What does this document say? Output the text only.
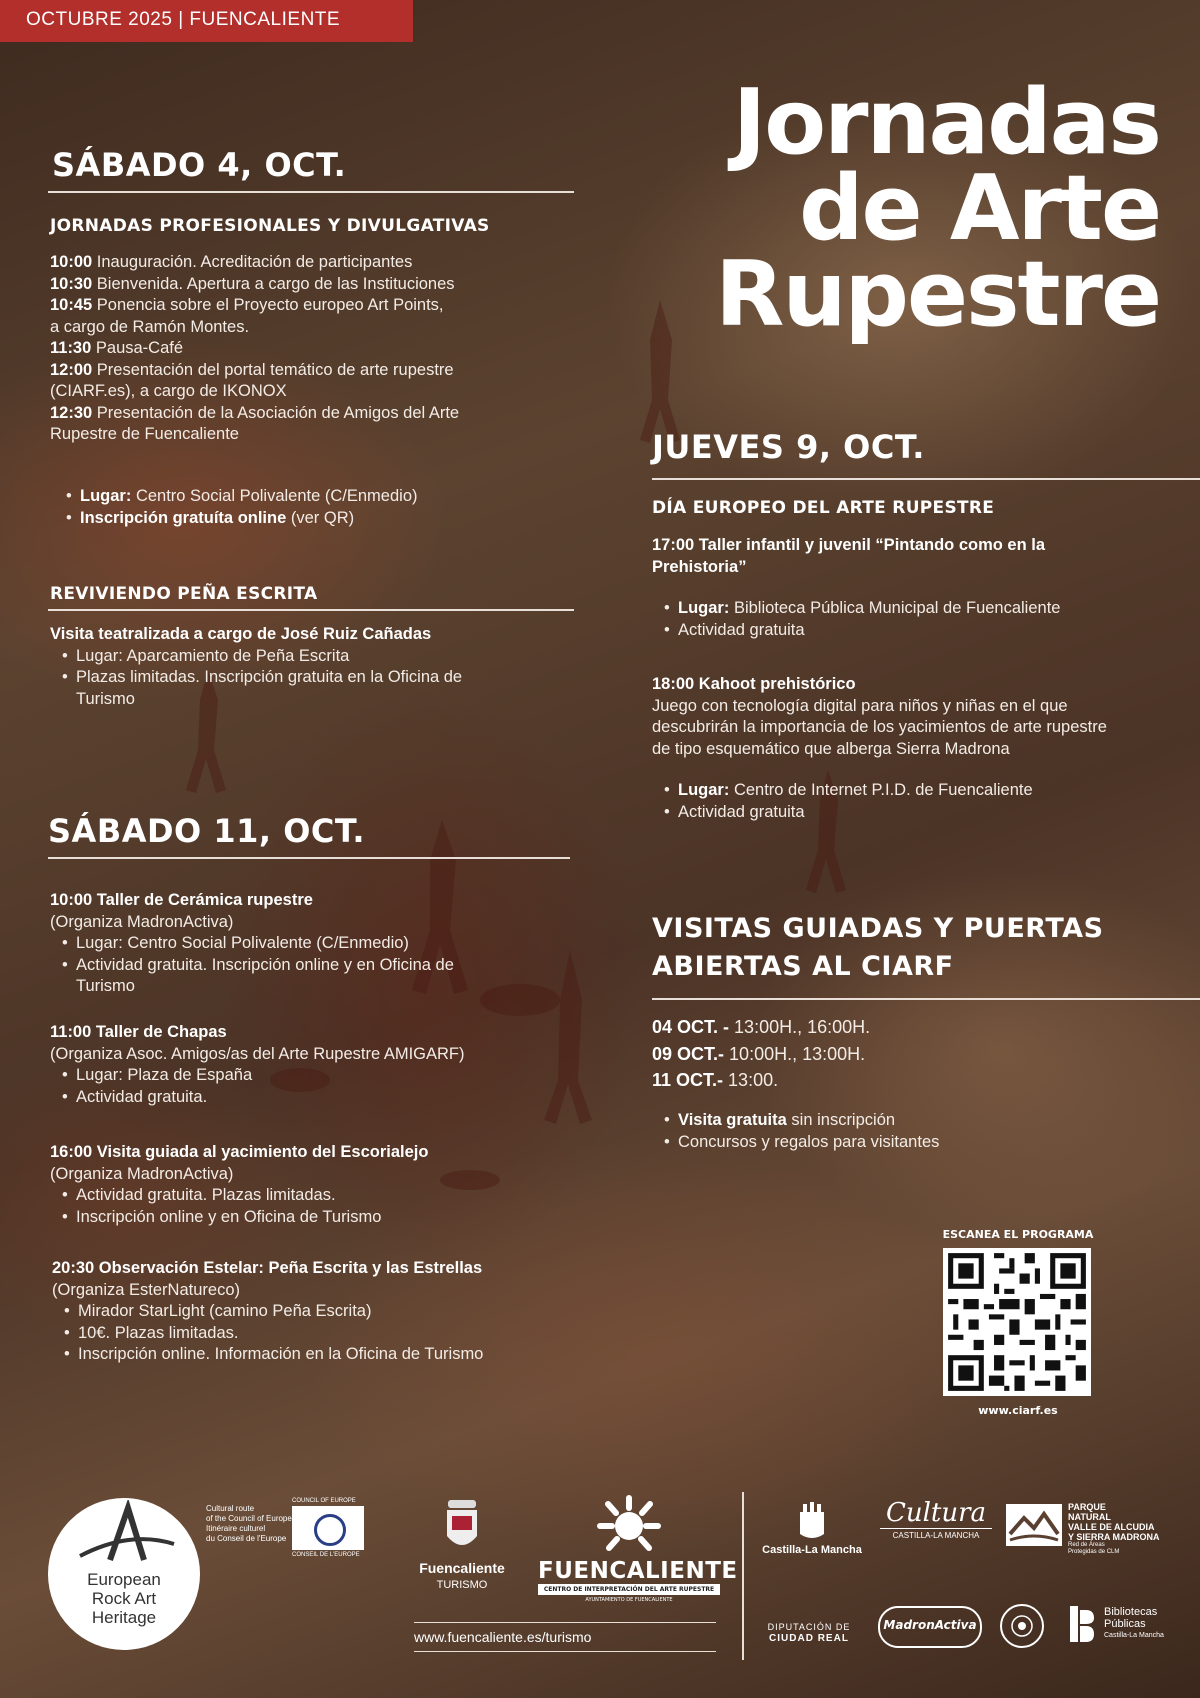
OCTUBRE 2025 | FUENCALIENTE
Jornadas
de Arte
Rupestre
SÁBADO 4, OCT.
JORNADAS PROFESIONALES Y DIVULGATIVAS
10:00 Inauguración. Acreditación de participantes
10:30 Bienvenida. Apertura a cargo de las Instituciones
10:45 Ponencia sobre el Proyecto europeo Art Points,
a cargo de Ramón Montes.
11:30 Pausa-Café
12:00 Presentación del portal temático de arte rupestre
(CIARF.es), a cargo de IKONOX
12:30 Presentación de la Asociación de Amigos del Arte
Rupestre de Fuencaliente
• Lugar: Centro Social Polivalente (C/Enmedio)
• Inscripción gratuíta online (ver QR)
REVIVIENDO PEÑA ESCRITA
Visita teatralizada a cargo de José Ruiz Cañadas
• Lugar: Aparcamiento de Peña Escrita
• Plazas limitadas. Inscripción gratuita en la Oficina de
Turismo
SÁBADO 11, OCT.
10:00 Taller de Cerámica rupestre
(Organiza MadronActiva)
• Lugar: Centro Social Polivalente (C/Enmedio)
• Actividad gratuita. Inscripción online y en Oficina de
Turismo
11:00 Taller de Chapas
(Organiza Asoc. Amigos/as del Arte Rupestre AMIGARF)
• Lugar: Plaza de España
• Actividad gratuita.
16:00 Visita guiada al yacimiento del Escorialejo
(Organiza MadronActiva)
• Actividad gratuita. Plazas limitadas.
• Inscripción online y en Oficina de Turismo
20:30 Observación Estelar: Peña Escrita y las Estrellas
(Organiza EsterNatureco)
• Mirador StarLight (camino Peña Escrita)
• 10€. Plazas limitadas.
• Inscripción online. Información en la Oficina de Turismo
JUEVES 9, OCT.
DÍA EUROPEO DEL ARTE RUPESTRE
17:00 Taller infantil y juvenil “Pintando como en la
Prehistoria”
• Lugar: Biblioteca Pública Municipal de Fuencaliente
• Actividad gratuita
18:00 Kahoot prehistórico
Juego con tecnología digital para niños y niñas en el que
descubrirán la importancia de los yacimientos de arte rupestre
de tipo esquemático que alberga Sierra Madrona
• Lugar: Centro de Internet P.I.D. de Fuencaliente
• Actividad gratuita
VISITAS GUIADAS Y PUERTAS
ABIERTAS AL CIARF
04 OCT. - 13:00H., 16:00H.
09 OCT.- 10:00H., 13:00H.
11 OCT.- 13:00.
• Visita gratuita sin inscripción
• Concursos y regalos para visitantes
ESCANEA EL PROGRAMA
www.ciarf.es
European
Rock Art
Heritage
Cultural route
of the Council of Europe
Itinéraire culturel
du Conseil de l'Europe
COUNCIL OF EUROPE
CONSEIL DE L'EUROPE
Fuencaliente
TURISMO
FUENCALIENTE
CENTRO DE INTERPRETACIÓN DEL ARTE RUPESTRE
AYUNTAMIENTO DE FUENCALIENTE
www.fuencaliente.es/turismo
Castilla-La Mancha
Cultura
CASTILLA-LA MANCHA
PARQUE
NATURAL
VALLE DE ALCUDIA
Y SIERRA MADRONA
Red de Áreas
Protegidas de CLM
DIPUTACIÓN DE
CIUDAD REAL
MadronActiva
Bibliotecas
Públicas
Castilla-La Mancha
